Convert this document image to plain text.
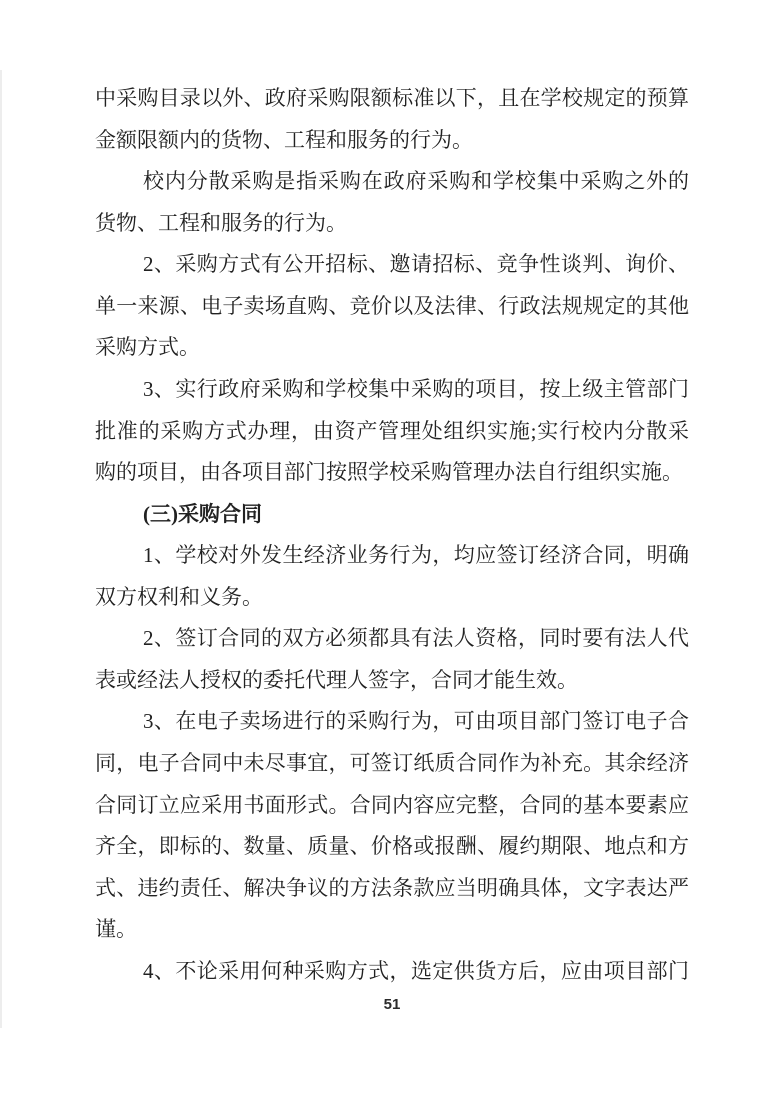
中采购目录以外、政府采购限额标准以下，且在学校规定的预算
金额限额内的货物、工程和服务的行为。
校内分散采购是指采购在政府采购和学校集中采购之外的
货物、工程和服务的行为。
2、采购方式有公开招标、邀请招标、竞争性谈判、询价、
单一来源、电子卖场直购、竞价以及法律、行政法规规定的其他
采购方式。
3、实行政府采购和学校集中采购的项目，按上级主管部门
批准的采购方式办理，由资产管理处组织实施;实行校内分散采
购的项目，由各项目部门按照学校采购管理办法自行组织实施。
(三)采购合同
1、学校对外发生经济业务行为，均应签订经济合同，明确
双方权利和义务。
2、签订合同的双方必须都具有法人资格，同时要有法人代
表或经法人授权的委托代理人签字，合同才能生效。
3、在电子卖场进行的采购行为，可由项目部门签订电子合
同，电子合同中未尽事宜，可签订纸质合同作为补充。其余经济
合同订立应采用书面形式。合同内容应完整，合同的基本要素应
齐全，即标的、数量、质量、价格或报酬、履约期限、地点和方
式、违约责任、解决争议的方法条款应当明确具体，文字表达严
谨。
4、不论采用何种采购方式，选定供货方后，应由项目部门
51
